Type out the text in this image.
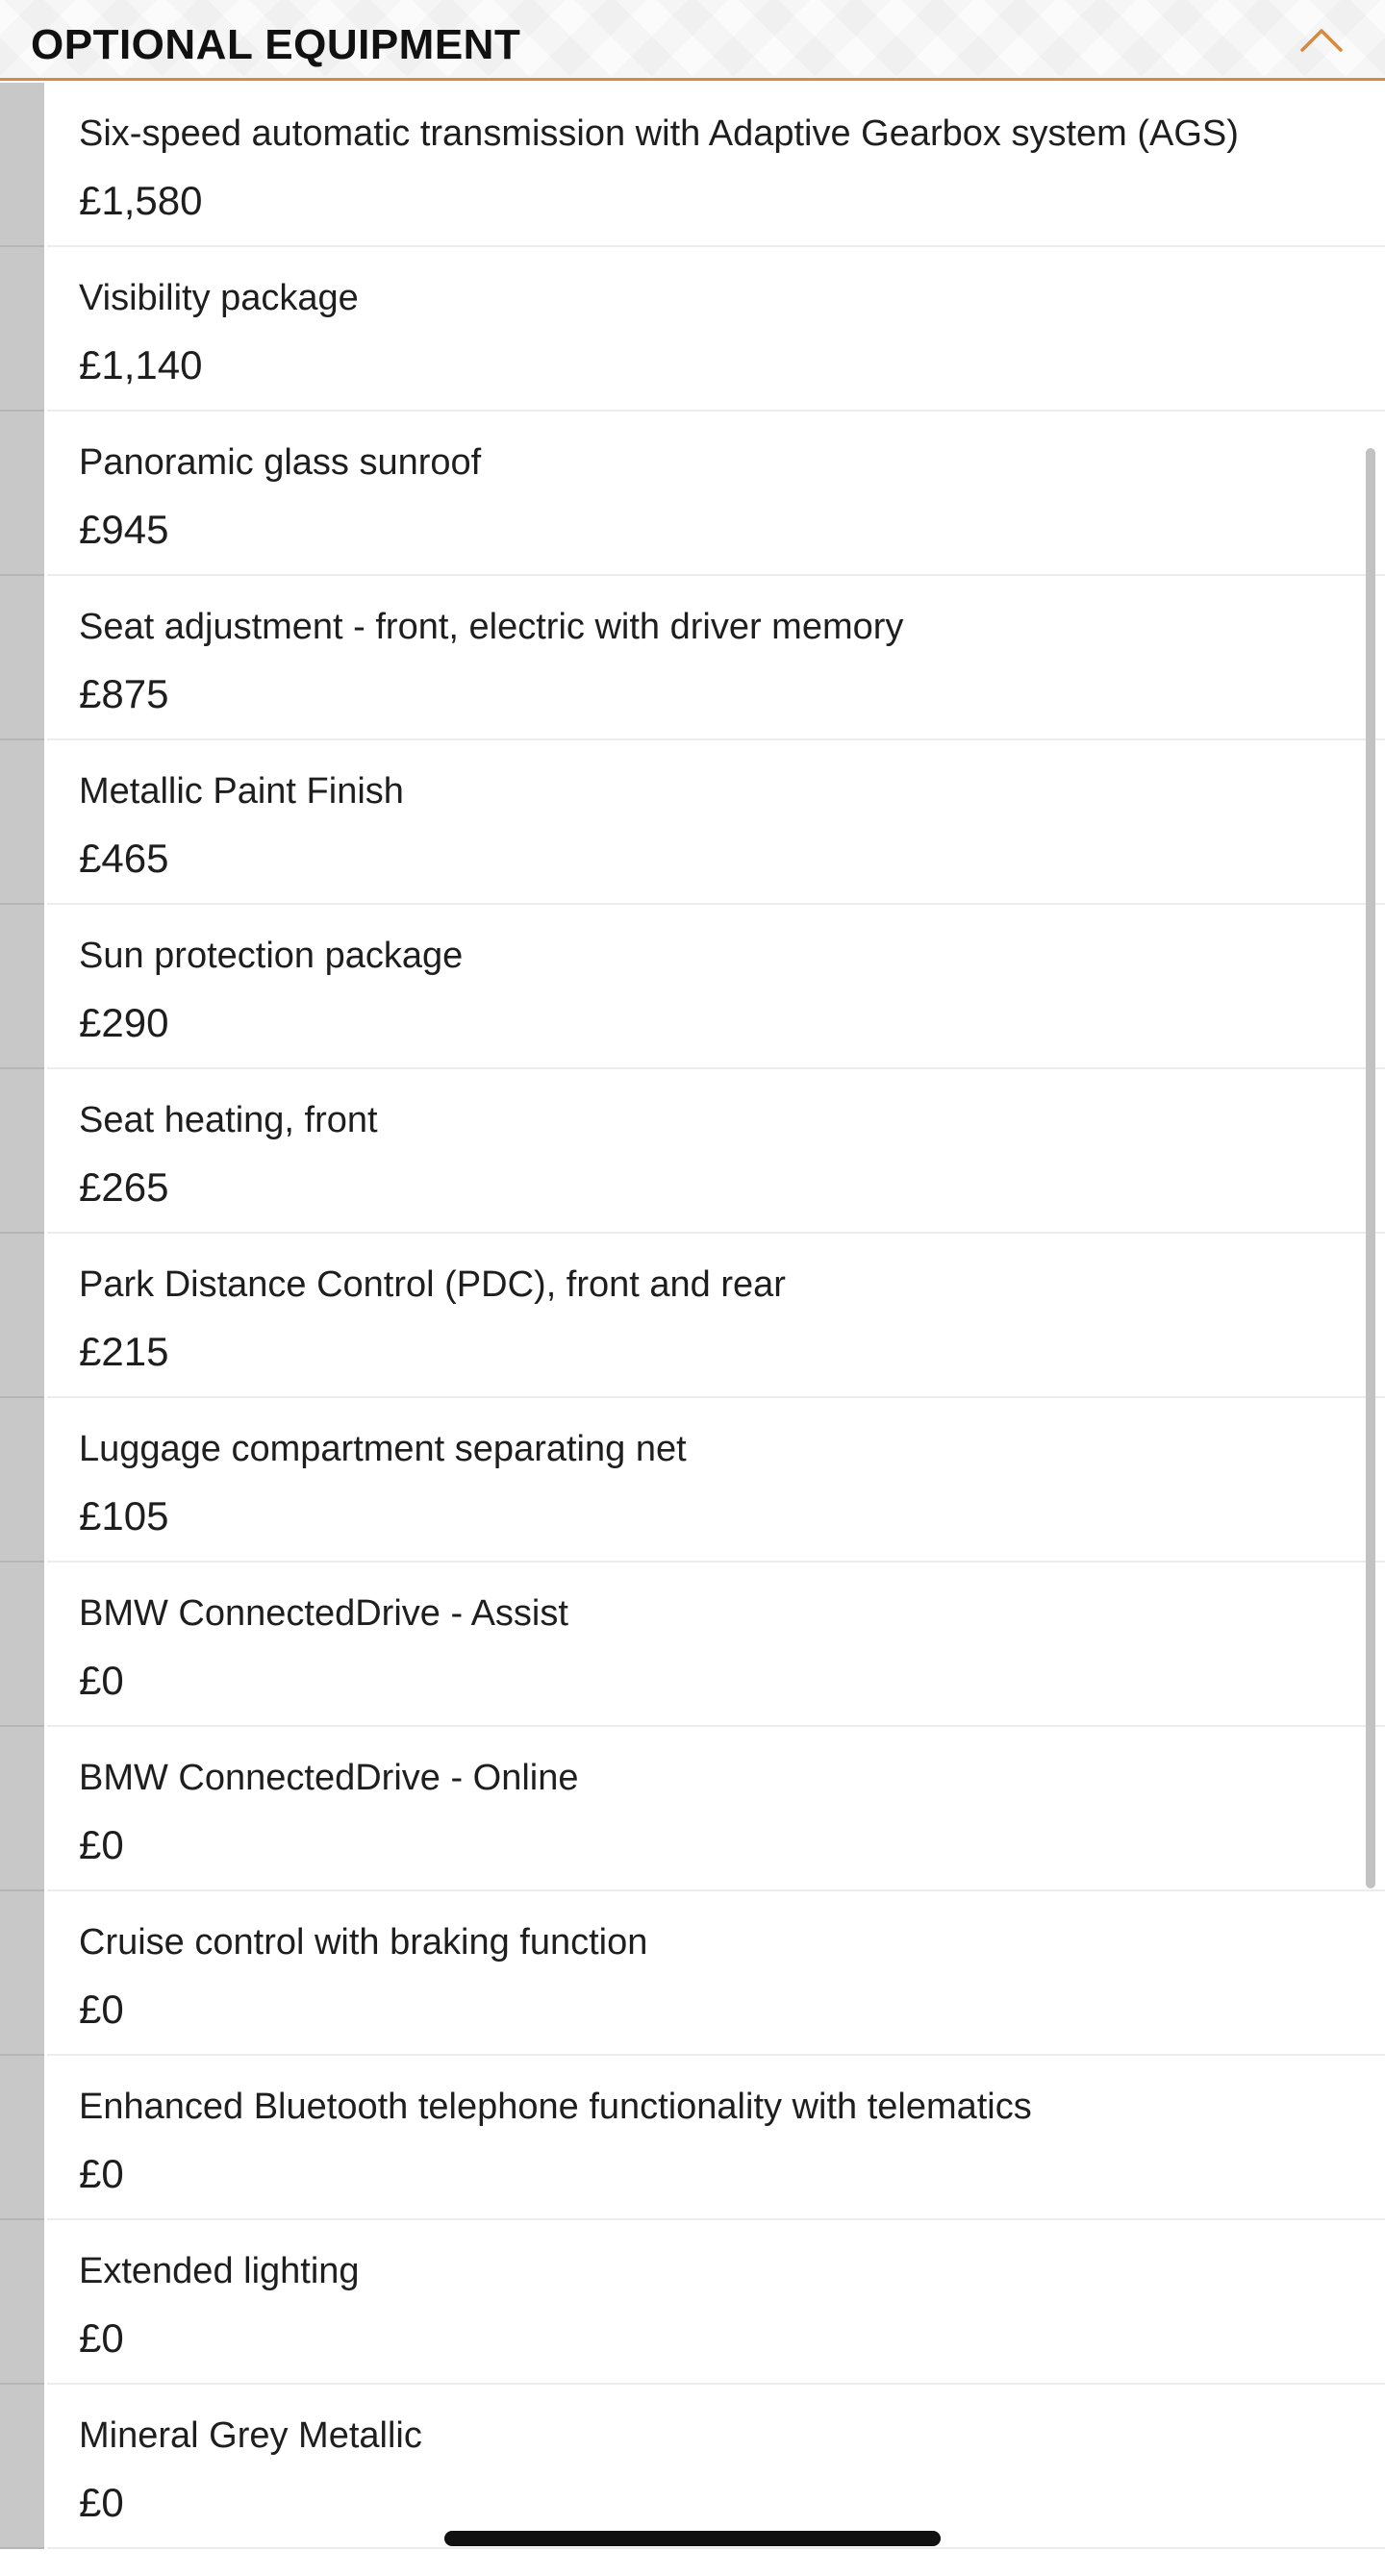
OPTIONAL EQUIPMENT
Six-speed automatic transmission with Adaptive Gearbox system (AGS)
£1,580
Visibility package
£1,140
Panoramic glass sunroof
£945
Seat adjustment - front, electric with driver memory
£875
Metallic Paint Finish
£465
Sun protection package
£290
Seat heating, front
£265
Park Distance Control (PDC), front and rear
£215
Luggage compartment separating net
£105
BMW ConnectedDrive - Assist
£0
BMW ConnectedDrive - Online
£0
Cruise control with braking function
£0
Enhanced Bluetooth telephone functionality with telematics
£0
Extended lighting
£0
Mineral Grey Metallic
£0
